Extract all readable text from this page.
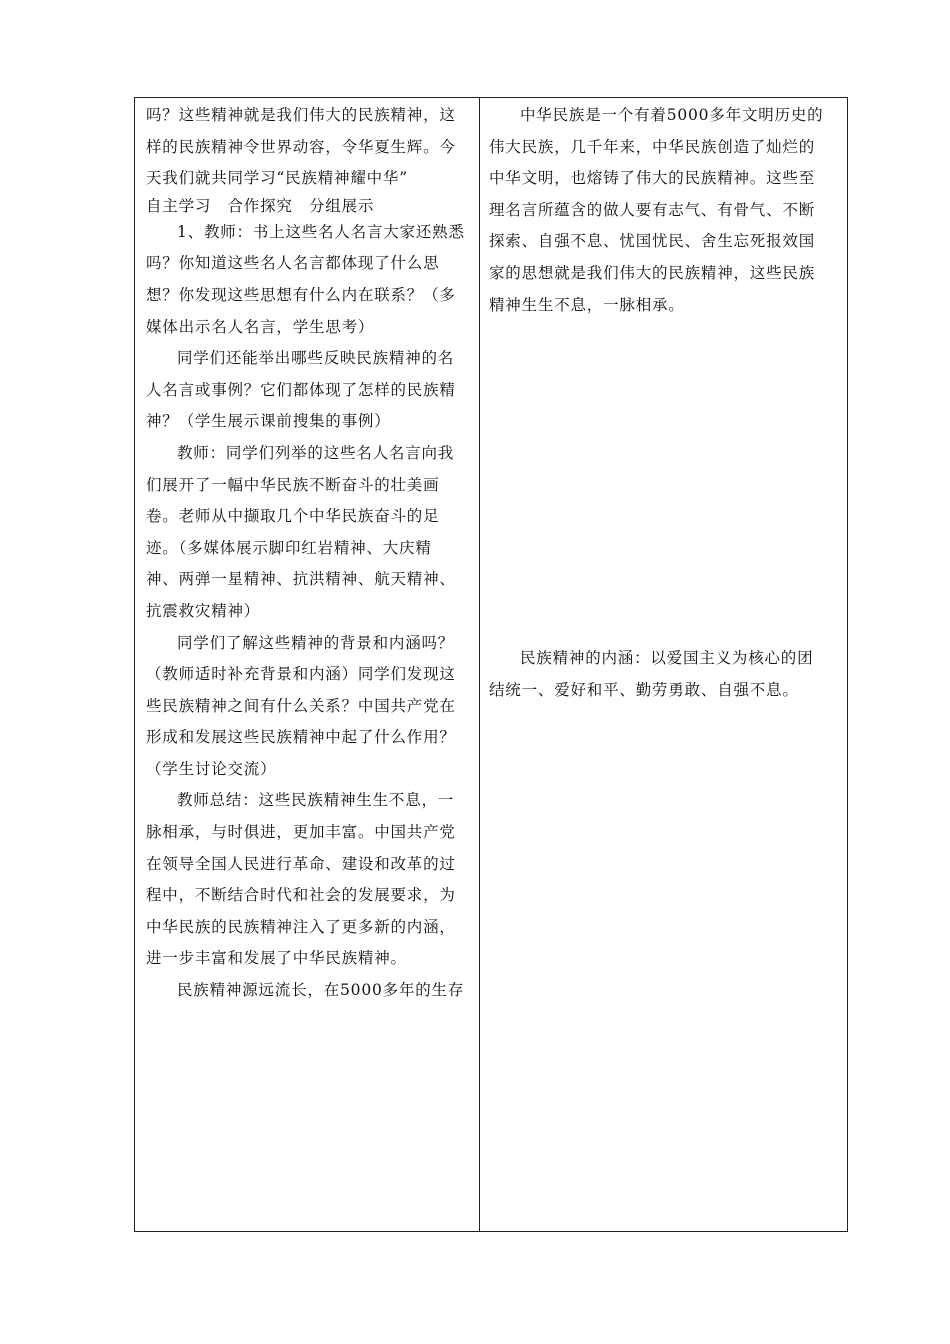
吗？这些精神就是我们伟大的民族精神，这
样的民族精神令世界动容，令华夏生辉。今
天我们就共同学习“民族精神耀中华”
自主学习　合作探究　分组展示
1、教师：书上这些名人名言大家还熟悉
吗？你知道这些名人名言都体现了什么思
想？你发现这些思想有什么内在联系？（多
媒体出示名人名言，学生思考）
同学们还能举出哪些反映民族精神的名
人名言或事例？它们都体现了怎样的民族精
神？（学生展示课前搜集的事例）
教师：同学们列举的这些名人名言向我
们展开了一幅中华民族不断奋斗的壮美画
卷。老师从中撷取几个中华民族奋斗的足
迹。（多媒体展示脚印红岩精神、大庆精
神、两弹一星精神、抗洪精神、航天精神、
抗震救灾精神）
同学们了解这些精神的背景和内涵吗？
（教师适时补充背景和内涵）同学们发现这
些民族精神之间有什么关系？中国共产党在
形成和发展这些民族精神中起了什么作用？
（学生讨论交流）
教师总结：这些民族精神生生不息，一
脉相承，与时俱进，更加丰富。中国共产党
在领导全国人民进行革命、建设和改革的过
程中，不断结合时代和社会的发展要求，为
中华民族的民族精神注入了更多新的内涵，
进一步丰富和发展了中华民族精神。
民族精神源远流长，在5000多年的生存
中华民族是一个有着5000多年文明历史的
伟大民族，几千年来，中华民族创造了灿烂的
中华文明，也熔铸了伟大的民族精神。这些至
理名言所蕴含的做人要有志气、有骨气、不断
探索、自强不息、忧国忧民、舍生忘死报效国
家的思想就是我们伟大的民族精神，这些民族
精神生生不息，一脉相承。
民族精神的内涵：以爱国主义为核心的团
结统一、爱好和平、勤劳勇敢、自强不息。
